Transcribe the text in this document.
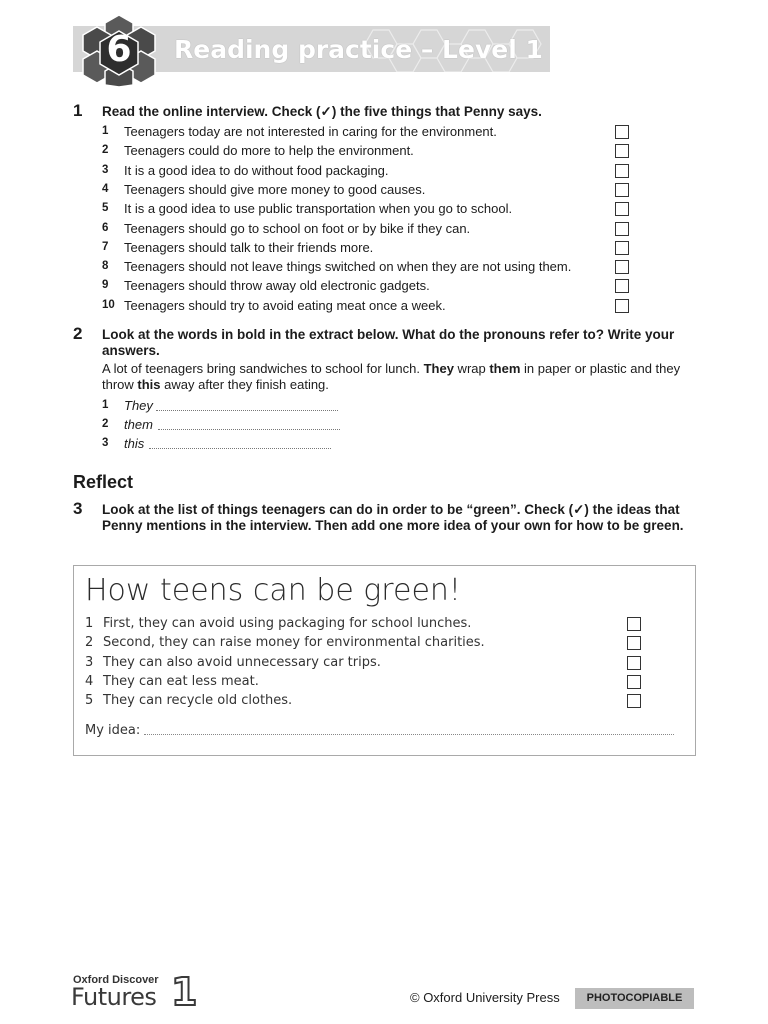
6	Reading practice – Level 1
1 Read the online interview. Check (✓) the five things that Penny says.
1	Teenagers today are not interested in caring for the environment.
2	Teenagers could do more to help the environment.
3	It is a good idea to do without food packaging.
4	Teenagers should give more money to good causes.
5	It is a good idea to use public transportation when you go to school.
6	Teenagers should go to school on foot or by bike if they can.
7	Teenagers should talk to their friends more.
8	Teenagers should not leave things switched on when they are not using them.
9	Teenagers should throw away old electronic gadgets.
10 Teenagers should try to avoid eating meat once a week.
2 Look at the words in bold in the extract below. What do the pronouns refer to? Write your answers.
A lot of teenagers bring sandwiches to school for lunch. They wrap them in paper or plastic and they throw this away after they finish eating.
1 They
2 them
3 this
Reflect
3 Look at the list of things teenagers can do in order to be “green”. Check (✓) the ideas that Penny mentions in the interview. Then add one more idea of your own for how to be green.
How teens can be green!
1 First, they can avoid using packaging for school lunches.
2 Second, they can raise money for environmental charities.
3 They can also avoid unnecessary car trips.
4 They can eat less meat.
5 They can recycle old clothes.
My idea:
Oxford Discover
Futures 1	© Oxford University Press	PHOTOCOPIABLE
